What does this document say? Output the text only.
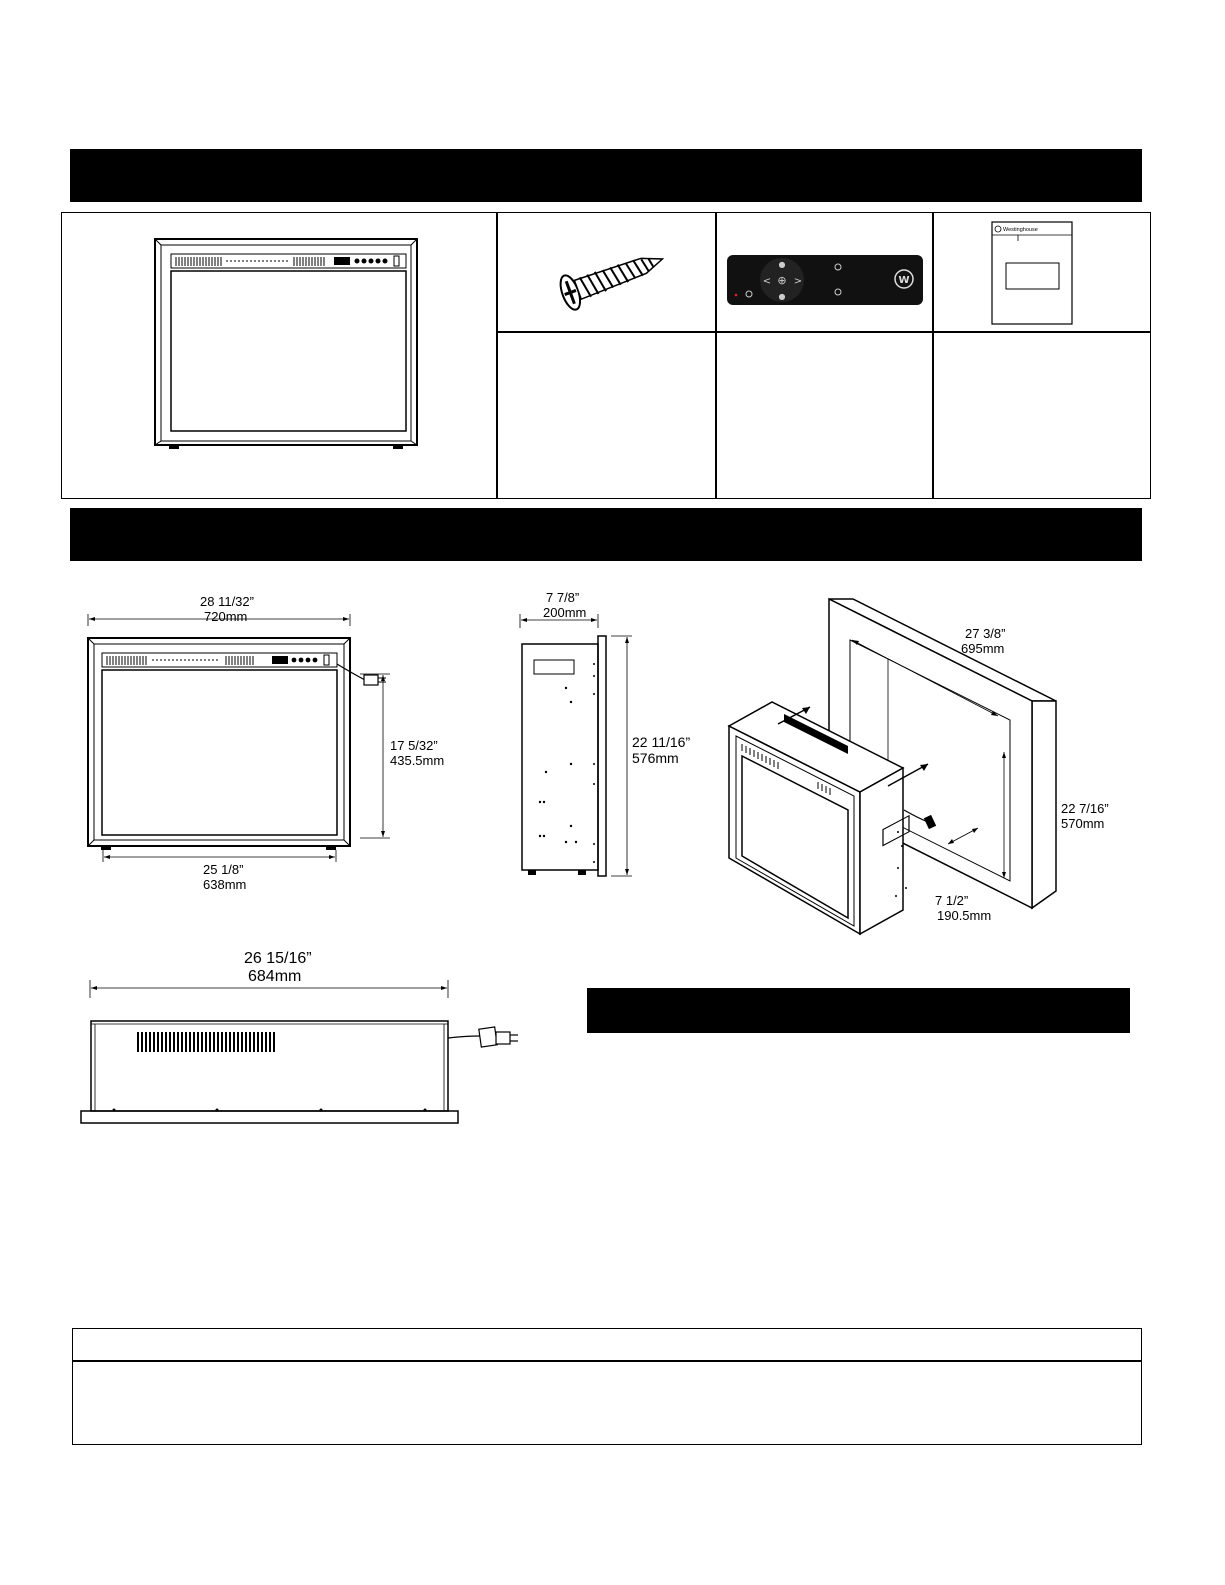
⊕
< >
●
●
W
Westinghouse
28 11/32”
720mm
17 5/32”
435.5mm
25 1/8”
638mm
7 7/8”
200mm
22 11/16”
576mm
27 3/8”
695mm
22 7/16”
570mm
7 1/2”
190.5mm
26 15/16”
684mm
